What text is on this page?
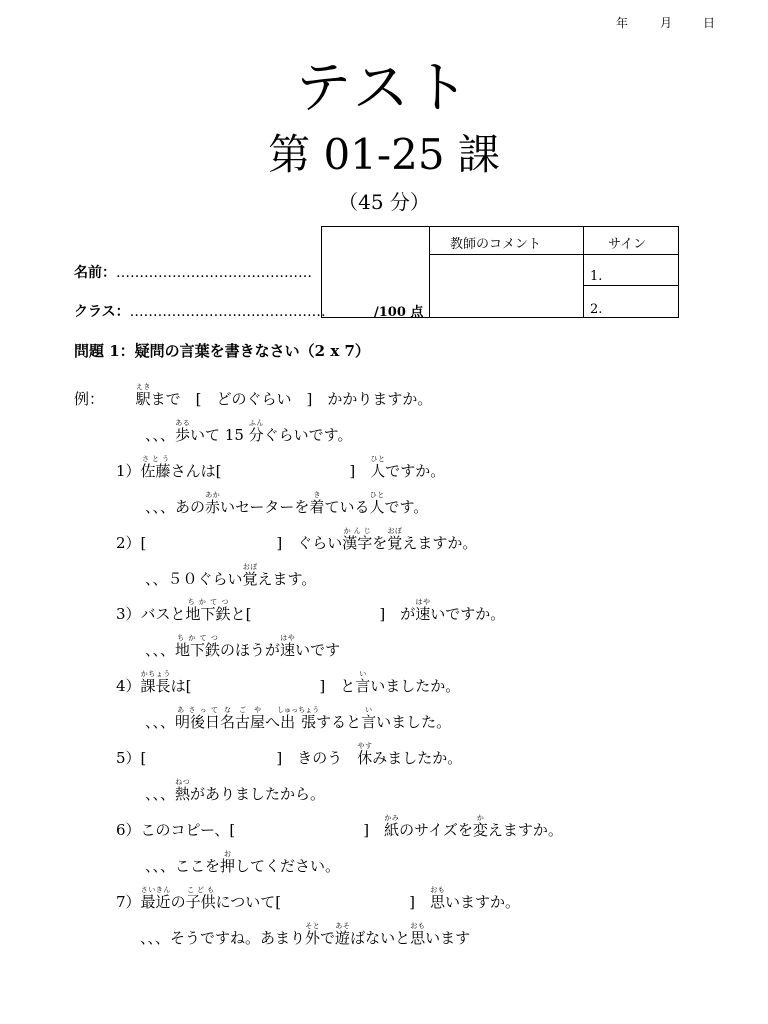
年	月	日
テスト
第 01-25 課
（45 分）
名前：……………………………………
クラス：……………………………………	/100 点
教師のコメント	サイン
1.
2.
問題 1：疑問の言葉を書きなさい（2 x 7）
例： 駅えきまで　[　どのぐらい　]　かかりますか。
、、、歩あるいて 15 分ふんぐらいです。
1）佐藤さとうさんは[	]　人ひとですか。
、、、あの赤あかいセーターを着きている人ひとです。
2）[	]　ぐらい漢字かんじを覚おぼえますか。
、、５０ぐらい覚おぼえます。
3）バスと地下鉄ちかてつと[	]　が速はやいですか。
、、、地下鉄ちかてつのほうが速はやいです
4）課長かちょうは[	]　と言いいましたか。
、、、明後日あさって名古屋なごやへ出張しゅっちょうすると言いいました。
5）[	]　きのう　休やすみましたか。
、、、熱ねつがありましたから。
6）このコピー、[	]　紙かみのサイズを変かえますか。
、、、ここを押おしてください。
7）最近さいきんの子供こどもについて[	]　思おもいますか。
、、、そうですね。あまり外そとで遊あそばないと思おもいます
